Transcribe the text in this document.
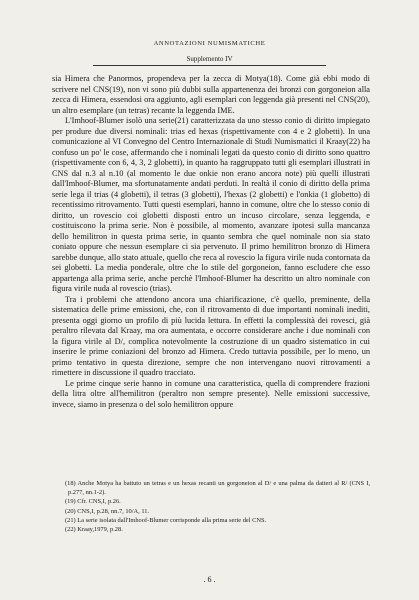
ANNOTAZIONI NUMISMATICHE
Supplemento IV

sia Himera che Panormos, propendeva per la zecca di Motya(18). Come già ebbi modo di scrivere nel CNS(19), non vi sono più dubbi sulla appartenenza dei bronzi con gorgoneion alla zecca di Himera, essendosi ora aggiunto, agli esemplari con leggenda già presenti nel CNS(20), un altro esemplare (un tetras) recante la leggenda IME.

L'Imhoof-Blumer isolò una serie(21) caratterizzata da uno stesso conio di diritto impiegato per produre due diversi nominali: trias ed hexas (rispettivamente con 4 e 2 globetti). In una comunicazione al VI Convegno del Centro Internazionale di Studi Numismatici il Kraay(22) ha confuso un po' le cose, affermando che i nominali legati da questo conio di diritto sono quattro (rispettivamente con 6, 4, 3, 2 globetti), in quanto ha raggruppato tutti gli esemplari illustrati in CNS dal n.3 al n.10 (al momento le due onkie non erano ancora note) più quelli illustrati dall'Imhoof-Blumer, ma sfortunatamente andati perduti. In realtà il conio di diritto della prima serie lega il trias (4 globetti), il tetras (3 globetti), l'hexas (2 globetti) e l'onkia (1 globetto) di recentissimo ritrovamento. Tutti questi esemplari, hanno in comune, oltre che lo stesso conio di diritto, un rovescio coi globetti disposti entro un incuso circolare, senza leggenda, e costituiscono la prima serie. Non è possibile, al momento, avanzare ipotesi sulla mancanza dello hemilitron in questa prima serie, in quanto sembra che quel nominale non sia stato coniato oppure che nessun esemplare ci sia pervenuto. Il primo hemilitron bronzo di Himera sarebbe dunque, allo stato attuale, quello che reca al rovescio la figura virile nuda contornata da sei globetti. La media ponderale, oltre che lo stile del gorgoneion, fanno escludere che esso appartenga alla prima serie, anche perchè l'Imhoof-Blumer ha descritto un altro nominale con figura virile nuda al rovescio (trias).

Tra i problemi che attendono ancora una chiarificazione, c'è quello, preminente, della sistematica delle prime emissioni, che, con il ritrovamento di due importanti nominali inediti, presenta oggi giorno un profilo di più lucida lettura. In effetti la complessità dei rovesci, già peraltro rilevata dal Kraay, ma ora aumentata, e occorre considerare anche i due nominali con la figura virile al D/, complica notevolmente la costruzione di un quadro sistematico in cui inserire le prime coniazioni del bronzo ad Himera. Credo tuttavia possibile, per lo meno, un primo tentativo in questa direzione, sempre che non intervengano nuovi ritrovamenti a rimettere in discussione il quadro tracciato.

Le prime cinque serie hanno in comune una caratteristica, quella di comprendere frazioni della litra oltre all'hemilitron (peraltro non sempre presente). Nelle emissioni successive, invece, siamo in presenza o del solo hemilitron oppure

(18) Anche Motya ha battuto un tetras e un hexas recanti un gorgoneion al D/ e una palma da datteri al R/ (CNS I, p.277, nn.1-2).

(19) Cfr. CNS,I, p.26.

(20) CNS,I, p.28, nn.7, 10/A, 11.

(21) La serie isolata dall'Imhoof-Blumer corrisponde alla prima serie del CNS.

(22) Kraay,1979, p.28.

. 6 .
